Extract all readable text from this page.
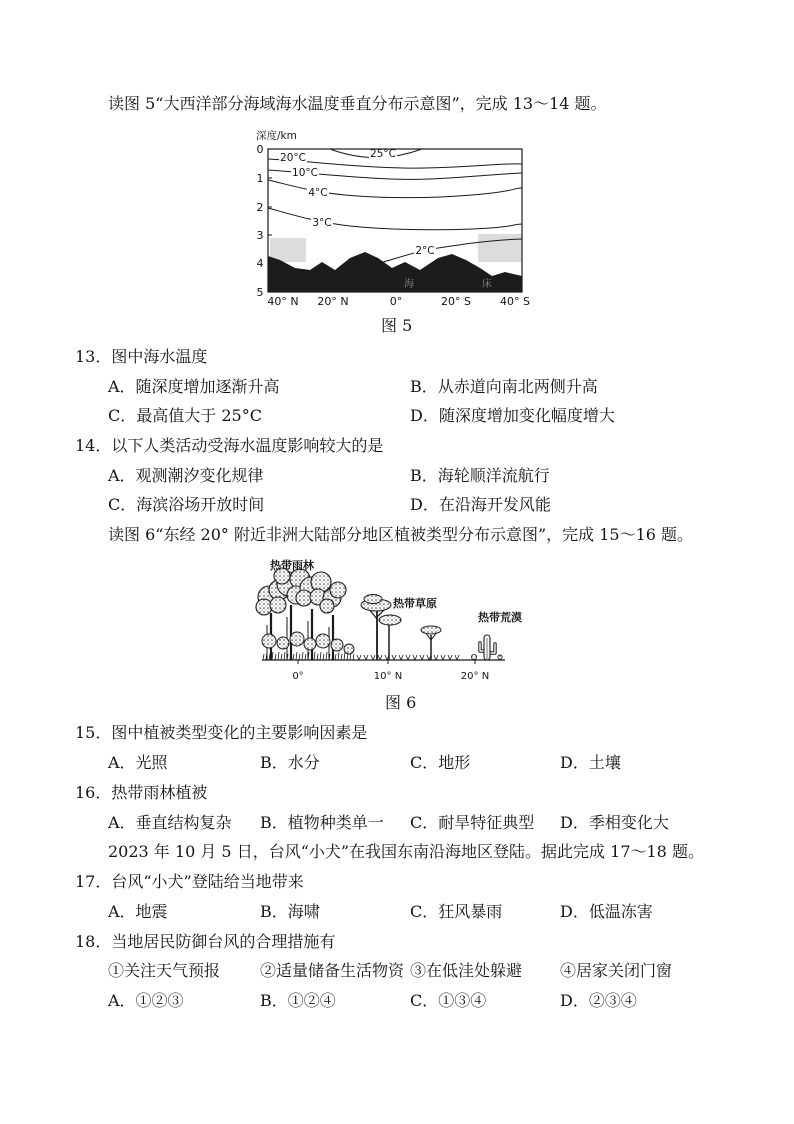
读图 5“大西洋部分海域海水温度垂直分布示意图”，完成 13～14 题。
海	床
25°C
20°C
10°C
4°C
3°C
2°C
深度/km
0
1
2
3
4
5
40° N 20° N	0°	20° S	40° S
图 5
13．图中海水温度
A．随深度增加逐渐升高	B．从赤道向南北两侧升高
C．最高值大于 25°C	D．随深度增加变化幅度增大
14．以下人类活动受海水温度影响较大的是
A．观测潮汐变化规律	B．海轮顺洋流航行
C．海滨浴场开放时间	D．在沿海开发风能
读图 6“东经 20° 附近非洲大陆部分地区植被类型分布示意图”，完成 15～16 题。
0°	10° N	20° N
热带雨林
热带草原
热带荒漠
图 6
15．图中植被类型变化的主要影响因素是
A．光照	B．水分	C．地形	D．土壤
16．热带雨林植被
A．垂直结构复杂 B．植物种类单一 C．耐旱特征典型 D．季相变化大
2023 年 10 月 5 日，台风“小犬”在我国东南沿海地区登陆。据此完成 17～18 题。
17．台风“小犬”登陆给当地带来
A．地震	B．海啸	C．狂风暴雨	D．低温冻害
18．当地居民防御台风的合理措施有
①关注天气预报 ②适量储备生活物资 ③在低洼处躲避 ④居家关闭门窗
A．①②③	B．①②④	C．①③④	D．②③④
